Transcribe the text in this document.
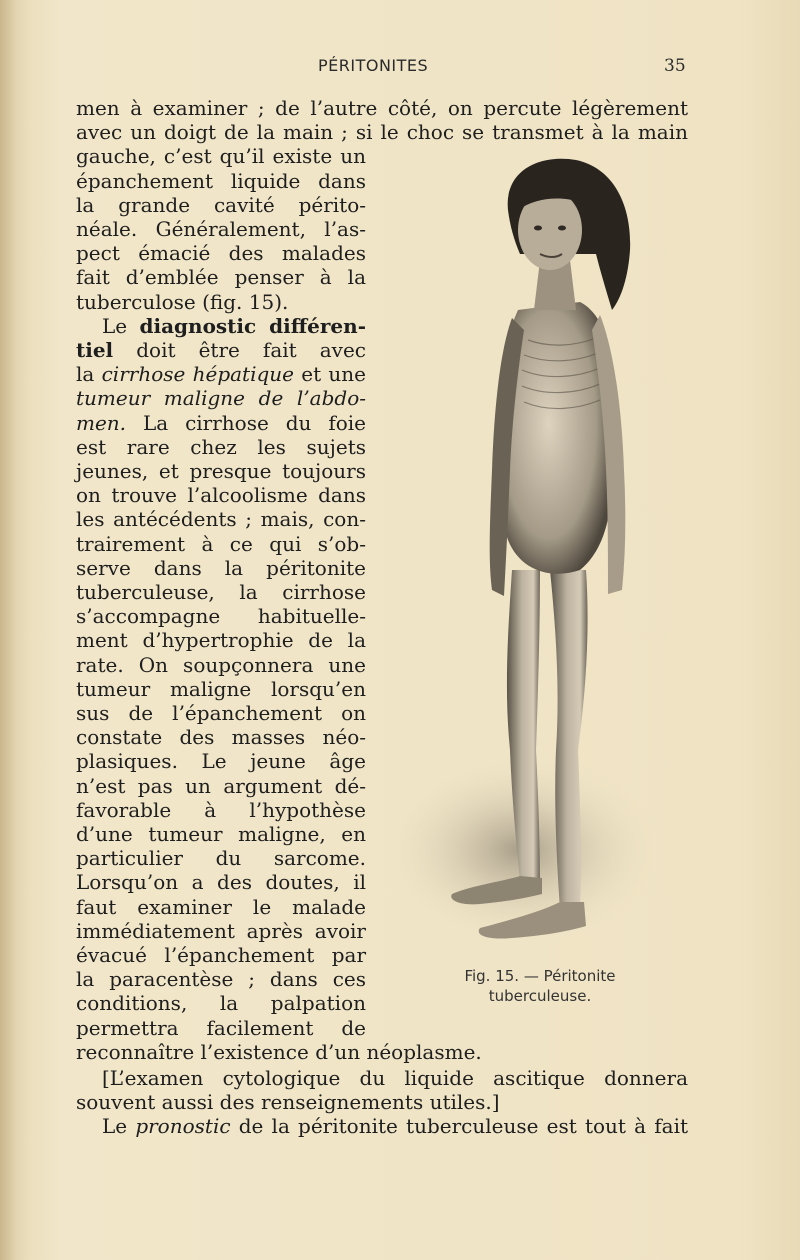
PÉRITONITES	35
men à examiner ; de l’autre côté, on percute légèrement
avec un doigt de la main ; si le choc se transmet à la main
gauche, c’est qu’il existe un
épanchement liquide dans
la grande cavité périto-
néale. Généralement, l’as-
pect émacié des malades
fait d’emblée penser à la
tuberculose (fig. 15).
Le diagnostic différen-
tiel doit être fait avec
la cirrhose hépatique et une
tumeur maligne de l’abdo-
men. La cirrhose du foie
est rare chez les sujets
jeunes, et presque toujours
on trouve l’alcoolisme dans
les antécédents ; mais, con-
trairement à ce qui s’ob-
serve dans la péritonite
tuberculeuse, la cirrhose
s’accompagne habituelle-
ment d’hypertrophie de la
rate. On soupçonnera une
tumeur maligne lorsqu’en
sus de l’épanchement on
constate des masses néo-
plasiques. Le jeune âge
n’est pas un argument dé-
favorable à l’hypothèse
d’une tumeur maligne, en
particulier du sarcome.
Lorsqu’on a des doutes, il
faut examiner le malade
immédiatement après avoir
évacué l’épanchement par
la paracentèse ; dans ces
conditions, la palpation
permettra facilement de
reconnaître l’existence d’un néoplasme.
[L’examen cytologique du liquide ascitique donnera
souvent aussi des renseignements utiles.]
Le pronostic de la péritonite tuberculeuse est tout à fait
Fig. 15. — Péritonite
tuberculeuse.
